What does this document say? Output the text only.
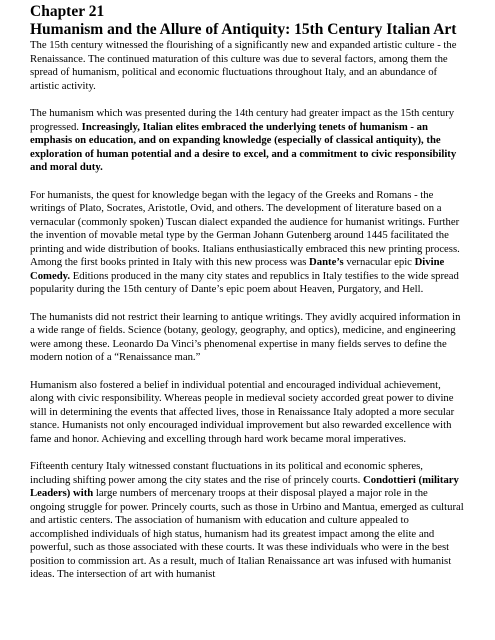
Chapter 21
Humanism and the Allure of Antiquity: 15th Century Italian Art

The 15th century witnessed the flourishing of a significantly new and expanded artistic culture - the Renaissance. The continued maturation of this culture was due to several factors, among them the spread of humanism, political and economic fluctuations throughout Italy, and an abundance of artistic activity.

The humanism which was presented during the 14th century had greater impact as the 15th century progressed. Increasingly, Italian elites embraced the underlying tenets of humanism - an emphasis on education, and on expanding knowledge (especially of classical antiquity), the exploration of human potential and a desire to excel, and a commitment to civic responsibility and moral duty.

For humanists, the quest for knowledge began with the legacy of the Greeks and Romans - the writings of Plato, Socrates, Aristotle, Ovid, and others. The development of literature based on a vernacular (commonly spoken) Tuscan dialect expanded the audience for humanist writings. Further the invention of movable metal type by the German Johann Gutenberg around 1445 facilitated the printing and wide distribution of books. Italians enthusiastically embraced this new printing process. Among the first books printed in Italy with this new process was Dante’s vernacular epic Divine Comedy. Editions produced in the many city states and republics in Italy testifies to the wide spread popularity during the 15th century of Dante’s epic poem about Heaven, Purgatory, and Hell.

The humanists did not restrict their learning to antique writings. They avidly acquired information in a wide range of fields. Science (botany, geology, geography, and optics), medicine, and engineering were among these. Leonardo Da Vinci’s phenomenal expertise in many fields serves to define the modern notion of a “Renaissance man.”

Humanism also fostered a belief in individual potential and encouraged individual achievement, along with civic responsibility. Whereas people in medieval society accorded great power to divine will in determining the events that affected lives, those in Renaissance Italy adopted a more secular stance. Humanists not only encouraged individual improvement but also rewarded excellence with fame and honor. Achieving and excelling through hard work became moral imperatives.

Fifteenth century Italy witnessed constant fluctuations in its political and economic spheres, including shifting power among the city states and the rise of princely courts. Condottieri (military Leaders) with large numbers of mercenary troops at their disposal played a major role in the ongoing struggle for power. Princely courts, such as those in Urbino and Mantua, emerged as cultural and artistic centers. The association of humanism with education and culture appealed to accomplished individuals of high status, humanism had its greatest impact among the elite and powerful, such as those associated with these courts. It was these individuals who were in the best position to commission art. As a result, much of Italian Renaissance art was infused with humanist ideas. The intersection of art with humanist
